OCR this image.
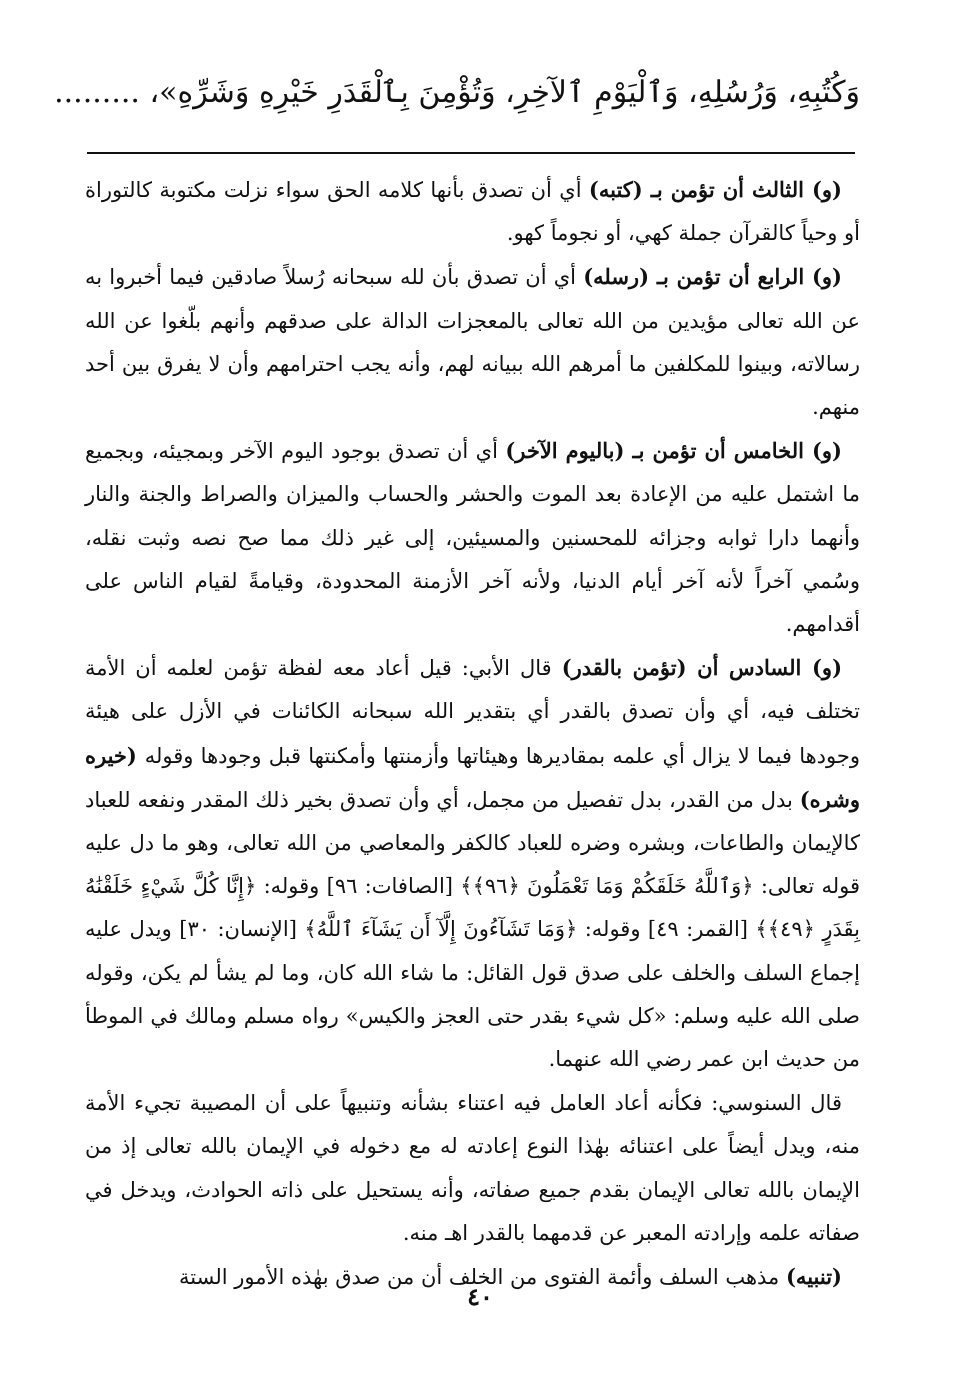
وَكُتُبِهِ، وَرُسُلِهِ، وَٱلْيَوْمِ ٱلآخِرِ، وَتُؤْمِنَ بِٱلْقَدَرِ خَيْرِهِ وَشَرِّهِ»، .........

(و) الثالث أن تؤمن بـ (كتبه) أي أن تصدق بأنها كلامه الحق سواء نزلت مكتوبة كالتوراة أو وحياً كالقرآن جملة كهي، أو نجوماً كهو.

(و) الرابع أن تؤمن بـ (رسله) أي أن تصدق بأن لله سبحانه رُسلاً صادقين فيما أخبروا به عن الله تعالى مؤيدين من الله تعالى بالمعجزات الدالة على صدقهم وأنهم بلّغوا عن الله رسالاته، وبينوا للمكلفين ما أمرهم الله ببيانه لهم، وأنه يجب احترامهم وأن لا يفرق بين أحد منهم.

(و) الخامس أن تؤمن بـ (باليوم الآخر) أي أن تصدق بوجود اليوم الآخر وبمجيئه، وبجميع ما اشتمل عليه من الإعادة بعد الموت والحشر والحساب والميزان والصراط والجنة والنار وأنهما دارا ثوابه وجزائه للمحسنين والمسيئين، إلى غير ذلك مما صح نصه وثبت نقله، وسُمي آخراً لأنه آخر أيام الدنيا، ولأنه آخر الأزمنة المحدودة، وقيامةً لقيام الناس على أقدامهم.

(و) السادس أن (تؤمن بالقدر) قال الأبي: قيل أعاد معه لفظة تؤمن لعلمه أن الأمة تختلف فيه، أي وأن تصدق بالقدر أي بتقدير الله سبحانه الكائنات في الأزل على هيئة وجودها فيما لا يزال أي علمه بمقاديرها وهيئاتها وأزمنتها وأمكنتها قبل وجودها وقوله (خيره وشره) بدل من القدر، بدل تفصيل من مجمل، أي وأن تصدق بخير ذلك المقدر ونفعه للعباد كالإيمان والطاعات، وبشره وضره للعباد كالكفر والمعاصي من الله تعالى، وهو ما دل عليه قوله تعالى: ﴿وَٱللَّهُ خَلَقَكُمْ وَمَا تَعْمَلُونَ ﴿٩٦﴾﴾ [الصافات: ٩٦] وقوله: ﴿إِنَّا كُلَّ شَيْءٍ خَلَقْنَٰهُ بِقَدَرٍ ﴿٤٩﴾﴾ [القمر: ٤٩] وقوله: ﴿وَمَا تَشَآءُونَ إِلَّآ أَن يَشَآءَ ٱللَّهُ﴾ [الإنسان: ٣٠] ويدل عليه إجماع السلف والخلف على صدق قول القائل: ما شاء الله كان، وما لم يشأ لم يكن، وقوله صلى الله عليه وسلم: «كل شيء بقدر حتى العجز والكيس» رواه مسلم ومالك في الموطأ من حديث ابن عمر رضي الله عنهما.

قال السنوسي: فكأنه أعاد العامل فيه اعتناء بشأنه وتنبيهاً على أن المصيبة تجيء الأمة منه، ويدل أيضاً على اعتنائه بهٰذا النوع إعادته له مع دخوله في الإيمان بالله تعالى إذ من الإيمان بالله تعالى الإيمان بقدم جميع صفاته، وأنه يستحيل على ذاته الحوادث، ويدخل في صفاته علمه وإرادته المعبر عن قدمهما بالقدر اهـ منه.

(تنبيه) مذهب السلف وأئمة الفتوى من الخلف أن من صدق بهٰذه الأمور الستة

٤٠
